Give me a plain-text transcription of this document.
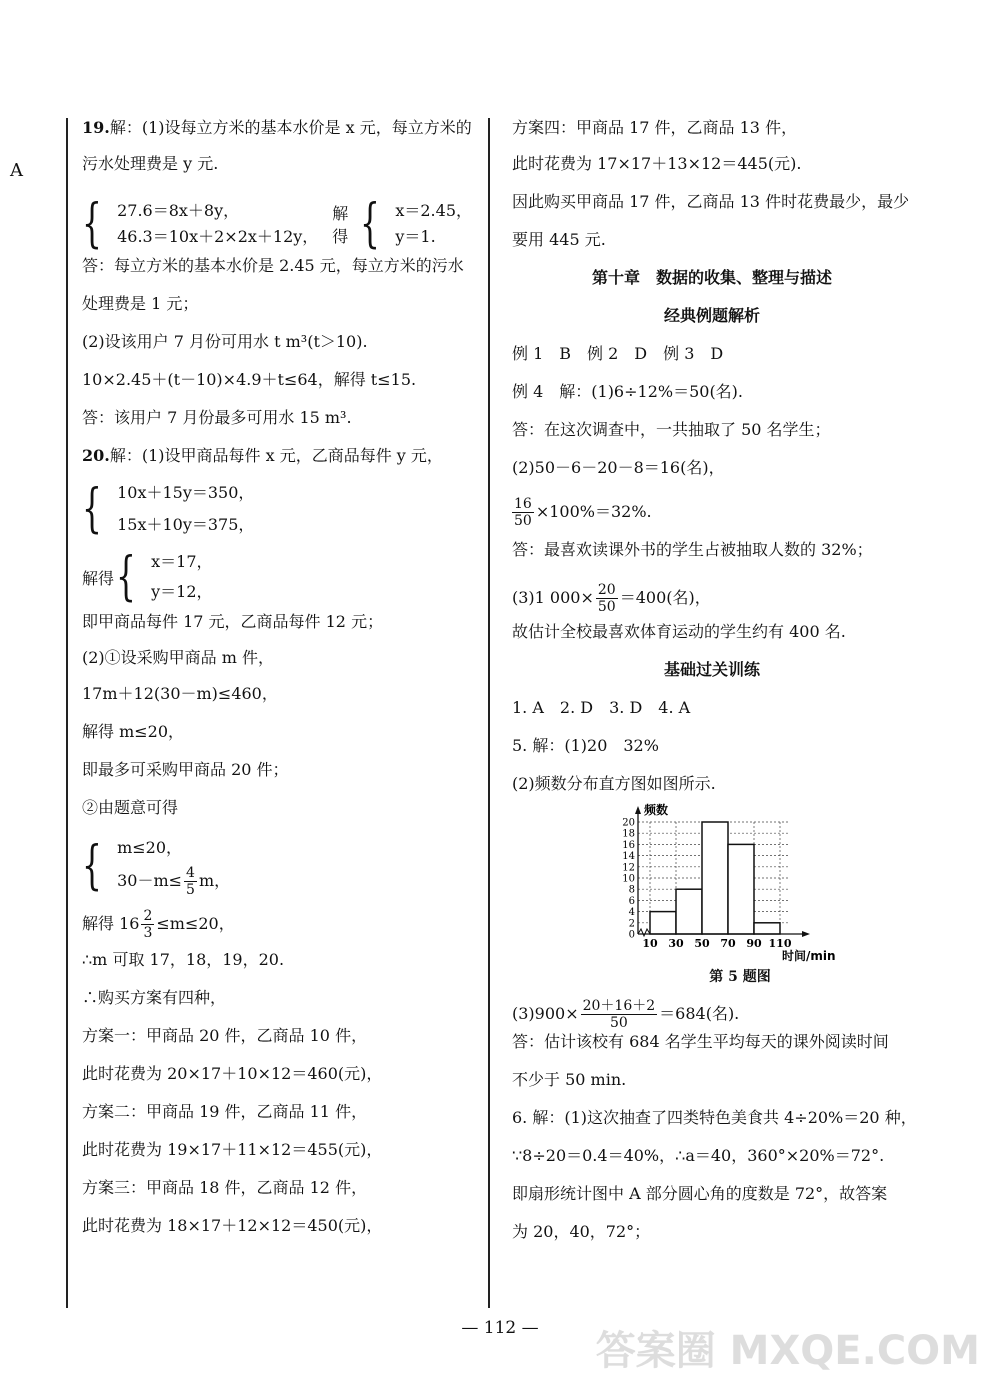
A
19.解：(1)设每立方米的基本水价是 x 元，每立方米的
污水处理费是 y 元.
{ 27.6＝8x＋8y，
46.3＝10x＋2×2x＋12y，
解得 { x＝2.45，
y＝1.
答：每立方米的基本水价是 2.45 元，每立方米的污水
处理费是 1 元；
(2)设该用户 7 月份可用水 t m³(t＞10).
10×2.45＋(t－10)×4.9＋t≤64，解得 t≤15.
答：该用户 7 月份最多可用水 15 m³.
20.解：(1)设甲商品每件 x 元，乙商品每件 y 元，
{ 10x＋15y＝350，
15x＋10y＝375，
解得 { x＝17，
y＝12，
即甲商品每件 17 元，乙商品每件 12 元；
(2)①设采购甲商品 m 件，
17m＋12(30－m)≤460，
解得 m≤20，
即最多可采购甲商品 20 件；
②由题意可得
{ m≤20，
$30-m\le \frac{4}{5}$ m，
解得 $16 \frac{2}{3} \le m\le 20$，
∴m 可取 17，18，19，20.
∴购买方案有四种，
方案一：甲商品 20 件，乙商品 10 件，
此时花费为 20×17＋10×12＝460(元)，
方案二：甲商品 19 件，乙商品 11 件，
此时花费为 19×17＋11×12＝455(元)，
方案三：甲商品 18 件，乙商品 12 件，
此时花费为 18×17＋12×12＝450(元)，
方案四：甲商品 17 件，乙商品 13 件，
此时花费为 17×17＋13×12＝445(元).
因此购买甲商品 17 件，乙商品 13 件时花费最少，最少
要用 445 元.
第十章　数据的收集、整理与描述
经典例题解析
例 1　B　例 2　D　例 3　D
例 4　解：(1)6÷12%＝50(名).
答：在这次调查中，一共抽取了 50 名学生；
(2)50－6－20－8＝16(名)，
$\frac{16}{50} \times 100\%=32\%$.
答：最喜欢读课外书的学生占被抽取人数的 32%；
(3)1 $000\times \frac{20}{50} =400$(名)，
故估计全校最喜欢体育运动的学生约有 400 名.
基础过关训练
1. A　2. D　3. D　4. A
5. 解：(1)20　32%
(2)频数分布直方图如图所示.
0
2
4
6
8
10
12
14
16
18
20
10 30 50 70 90 110
频数
时间/min
第 5 题图
$(3)900\times \frac{20+16+2}{50} =684$(名).
答：估计该校有 684 名学生平均每天的课外阅读时间
不少于 50 min.
6. 解：(1)这次抽查了四类特色美食共 4÷20%＝20 种，
∵8÷20＝0.4＝40%，∴a＝40，360°×20%＝72°.
即扇形统计图中 A 部分圆心角的度数是 72°，故答案
为 20，40，72°；
— 112 —	答案圈 MXQE.COM
